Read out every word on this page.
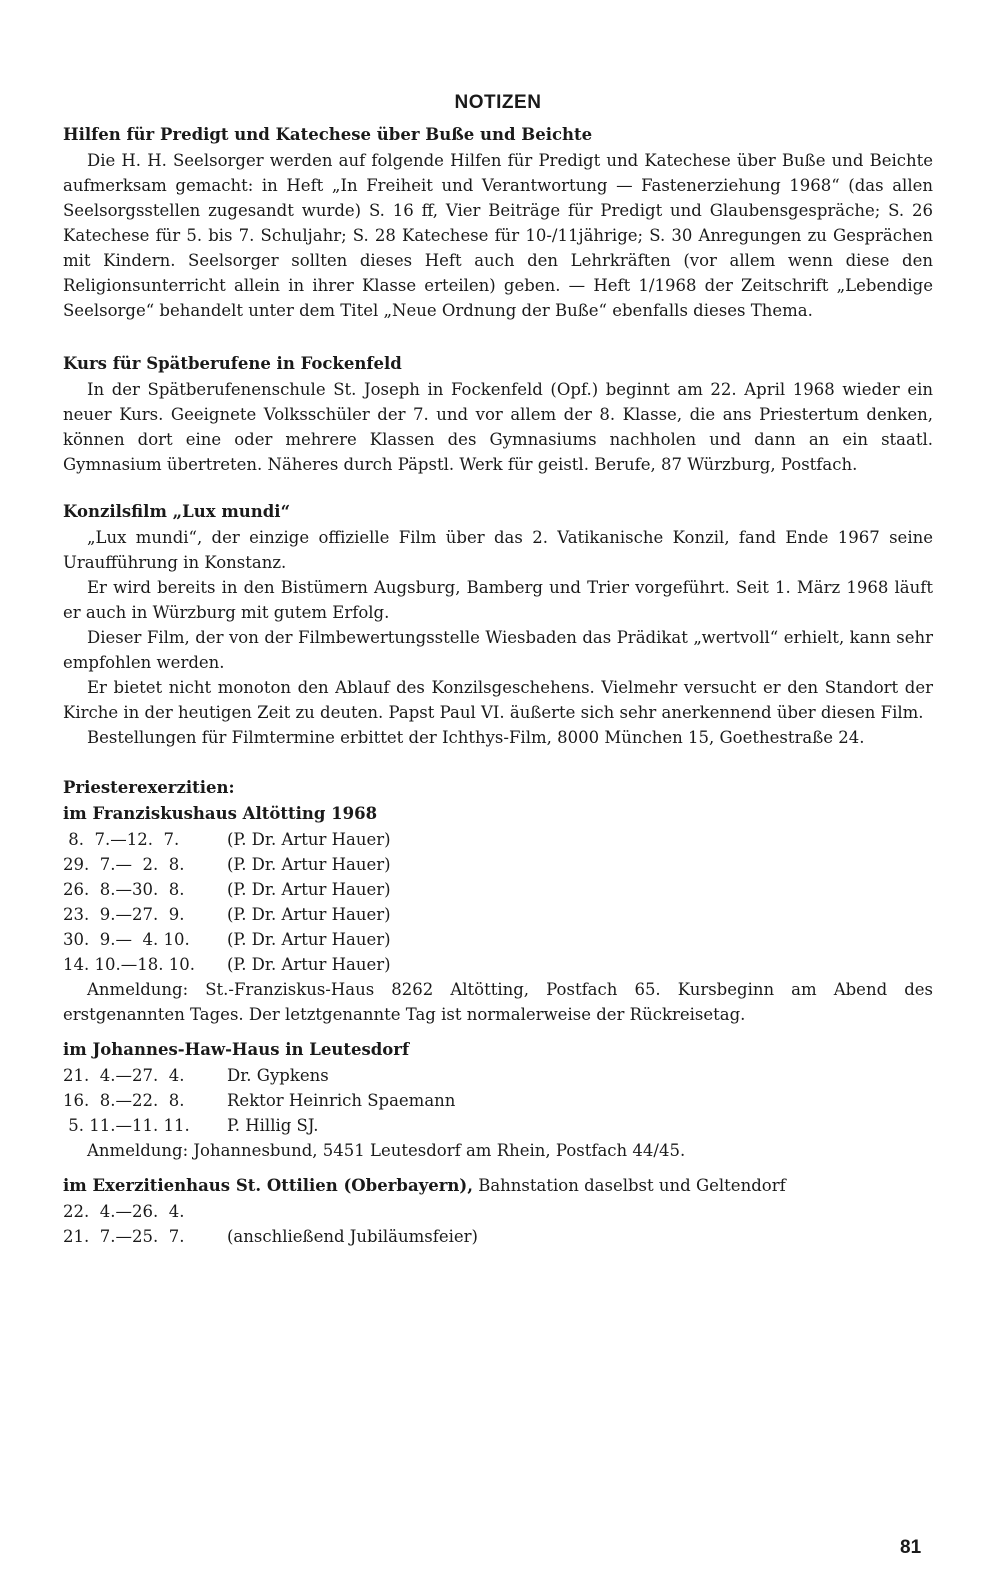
NOTIZEN
Hilfen für Predigt und Katechese über Buße und Beichte

Die H. H. Seelsorger werden auf folgende Hilfen für Predigt und Katechese über Buße und Beichte aufmerksam gemacht: in Heft „In Freiheit und Verantwortung — Fastenerziehung 1968“ (das allen Seelsorgsstellen zugesandt wurde) S. 16 ff, Vier Beiträge für Predigt und Glaubensgespräche; S. 26 Katechese für 5. bis 7. Schuljahr; S. 28 Katechese für 10-/11jährige; S. 30 Anregungen zu Gesprächen mit Kindern. Seelsorger sollten dieses Heft auch den Lehrkräften (vor allem wenn diese den Religionsunterricht allein in ihrer Klasse erteilen) geben. — Heft 1/1968 der Zeitschrift „Lebendige Seelsorge“ behandelt unter dem Titel „Neue Ordnung der Buße“ ebenfalls dieses Thema.

Kurs für Spätberufene in Fockenfeld

In der Spätberufenenschule St. Joseph in Fockenfeld (Opf.) beginnt am 22. April 1968 wieder ein neuer Kurs. Geeignete Volksschüler der 7. und vor allem der 8. Klasse, die ans Priestertum denken, können dort eine oder mehrere Klassen des Gymnasiums nachholen und dann an ein staatl. Gymnasium übertreten. Näheres durch Päpstl. Werk für geistl. Berufe, 87 Würzburg, Postfach.

Konzilsfilm „Lux mundi“

„Lux mundi“, der einzige offizielle Film über das 2. Vatikanische Konzil, fand Ende 1967 seine Uraufführung in Konstanz.

Er wird bereits in den Bistümern Augsburg, Bamberg und Trier vorgeführt. Seit 1. März 1968 läuft er auch in Würzburg mit gutem Erfolg.

Dieser Film, der von der Filmbewertungsstelle Wiesbaden das Prädikat „wertvoll“ erhielt, kann sehr empfohlen werden.

Er bietet nicht monoton den Ablauf des Konzilsgeschehens. Vielmehr versucht er den Standort der Kirche in der heutigen Zeit zu deuten. Papst Paul VI. äußerte sich sehr anerkennend über diesen Film.

Bestellungen für Filmtermine erbittet der Ichthys-Film, 8000 München 15, Goethestraße 24.

Priesterexerzitien:
im Franziskushaus Altötting 1968
8.  7.—12.  7.	(P. Dr. Artur Hauer)
29.  7.—  2.  8.	(P. Dr. Artur Hauer)
26.  8.—30.  8.	(P. Dr. Artur Hauer)
23.  9.—27.  9.	(P. Dr. Artur Hauer)
30.  9.—  4. 10.	(P. Dr. Artur Hauer)
14. 10.—18. 10.	(P. Dr. Artur Hauer)

Anmeldung: St.-Franziskus-Haus 8262 Altötting, Postfach 65. Kursbeginn am Abend des erstgenannten Tages. Der letztgenannte Tag ist normalerweise der Rückreisetag.

im Johannes-Haw-Haus in Leutesdorf
21.  4.—27.  4.	Dr. Gypkens
16.  8.—22.  8.	Rektor Heinrich Spaemann
5. 11.—11. 11.	P. Hillig SJ.

Anmeldung: Johannesbund, 5451 Leutesdorf am Rhein, Postfach 44/45.

im Exerzitienhaus St. Ottilien (Oberbayern), Bahnstation daselbst und Geltendorf
22.  4.—26.  4.
21.  7.—25.  7.	(anschließend Jubiläumsfeier)
81
